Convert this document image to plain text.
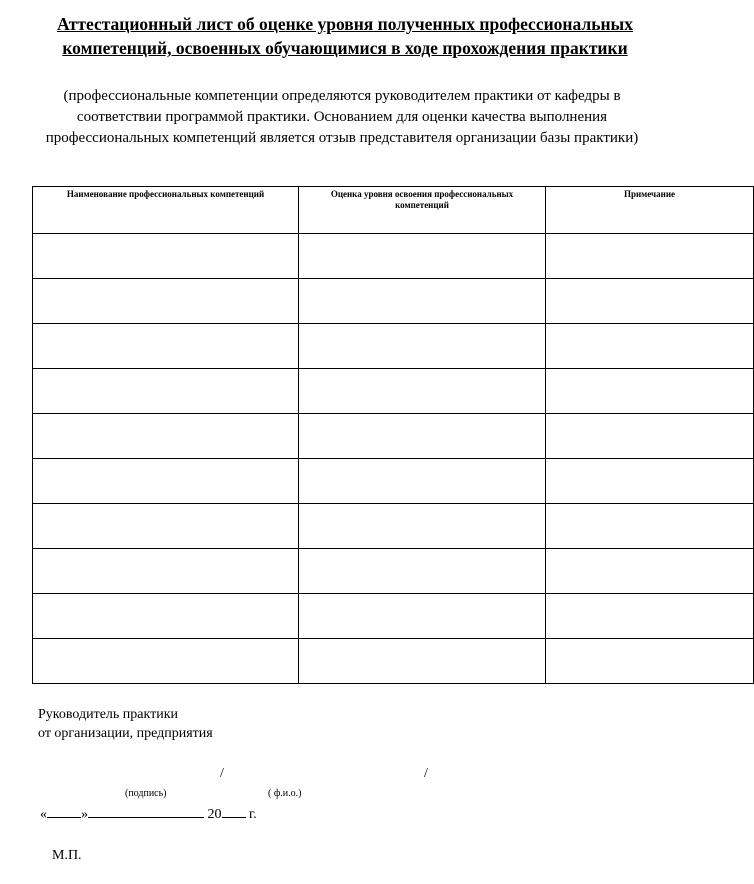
Аттестационный лист об оценке уровня полученных профессиональных компетенций, освоенных обучающимися в ходе прохождения практики

(профессиональные компетенции определяются руководителем практики от кафедры в соответствии программой практики. Основанием для оценки качества выполнения профессиональных компетенций является отзыв представителя организации базы практики)

Наименование профессиональных компетенций	Оценка уровня освоения профессиональных компетенций	Примечание

Руководитель практики
от организации, предприятия
/	/
(подпись)	( ф.и.о.)
« »	20 г.
М.П.
